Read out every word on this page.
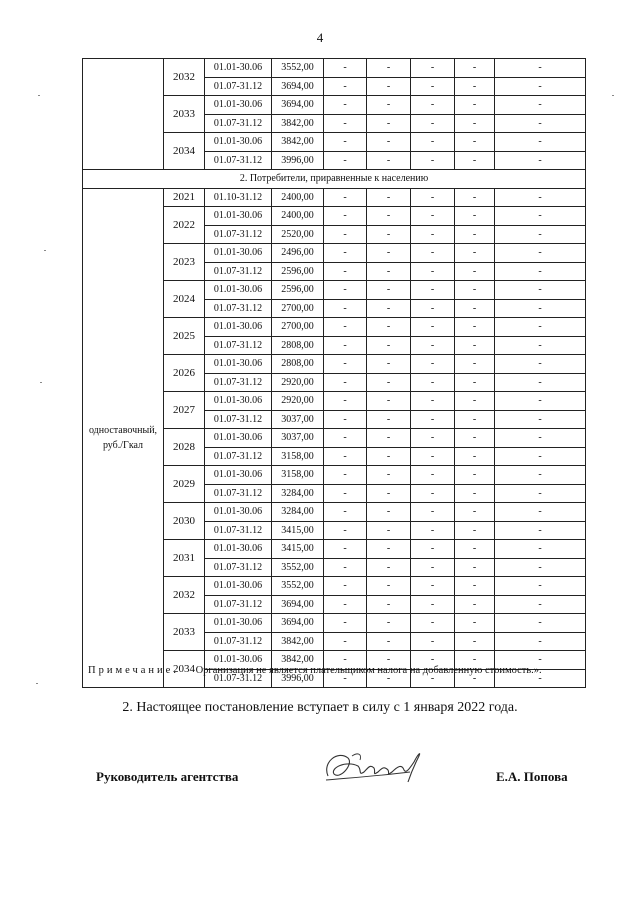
4
	2032	01.01-30.06	3552,00	-	-	-	-	-
		01.07-31.12	3694,00	-	-	-	-	-
	2033	01.01-30.06	3694,00	-	-	-	-	-
		01.07-31.12	3842,00	-	-	-	-	-
	2034	01.01-30.06	3842,00	-	-	-	-	-
		01.07-31.12	3996,00	-	-	-	-	-
2. Потребители, приравненные к населению								
одноставочный, руб./Гкал	2021	01.10-31.12	2400,00	-	-	-	-	-
	2022	01.01-30.06	2400,00	-	-	-	-	-
		01.07-31.12	2520,00	-	-	-	-	-
	2023	01.01-30.06	2496,00	-	-	-	-	-
		01.07-31.12	2596,00	-	-	-	-	-
	2024	01.01-30.06	2596,00	-	-	-	-	-
		01.07-31.12	2700,00	-	-	-	-	-
	2025	01.01-30.06	2700,00	-	-	-	-	-
		01.07-31.12	2808,00	-	-	-	-	-
	2026	01.01-30.06	2808,00	-	-	-	-	-
		01.07-31.12	2920,00	-	-	-	-	-
	2027	01.01-30.06	2920,00	-	-	-	-	-
		01.07-31.12	3037,00	-	-	-	-	-
	2028	01.01-30.06	3037,00	-	-	-	-	-
		01.07-31.12	3158,00	-	-	-	-	-
	2029	01.01-30.06	3158,00	-	-	-	-	-
		01.07-31.12	3284,00	-	-	-	-	-
	2030	01.01-30.06	3284,00	-	-	-	-	-
		01.07-31.12	3415,00	-	-	-	-	-
	2031	01.01-30.06	3415,00	-	-	-	-	-
		01.07-31.12	3552,00	-	-	-	-	-
	2032	01.01-30.06	3552,00	-	-	-	-	-
		01.07-31.12	3694,00	-	-	-	-	-
	2033	01.01-30.06	3694,00	-	-	-	-	-
		01.07-31.12	3842,00	-	-	-	-	-
	2034	01.01-30.06	3842,00	-	-	-	-	-
		01.07-31.12	3996,00	-	-	-	-	-
Примечание. Организация не является плательщиком налога на добавленную стоимость.».
2. Настоящее постановление вступает в силу с 1 января 2022 года.
Руководитель агентства	Е.А. Попова
